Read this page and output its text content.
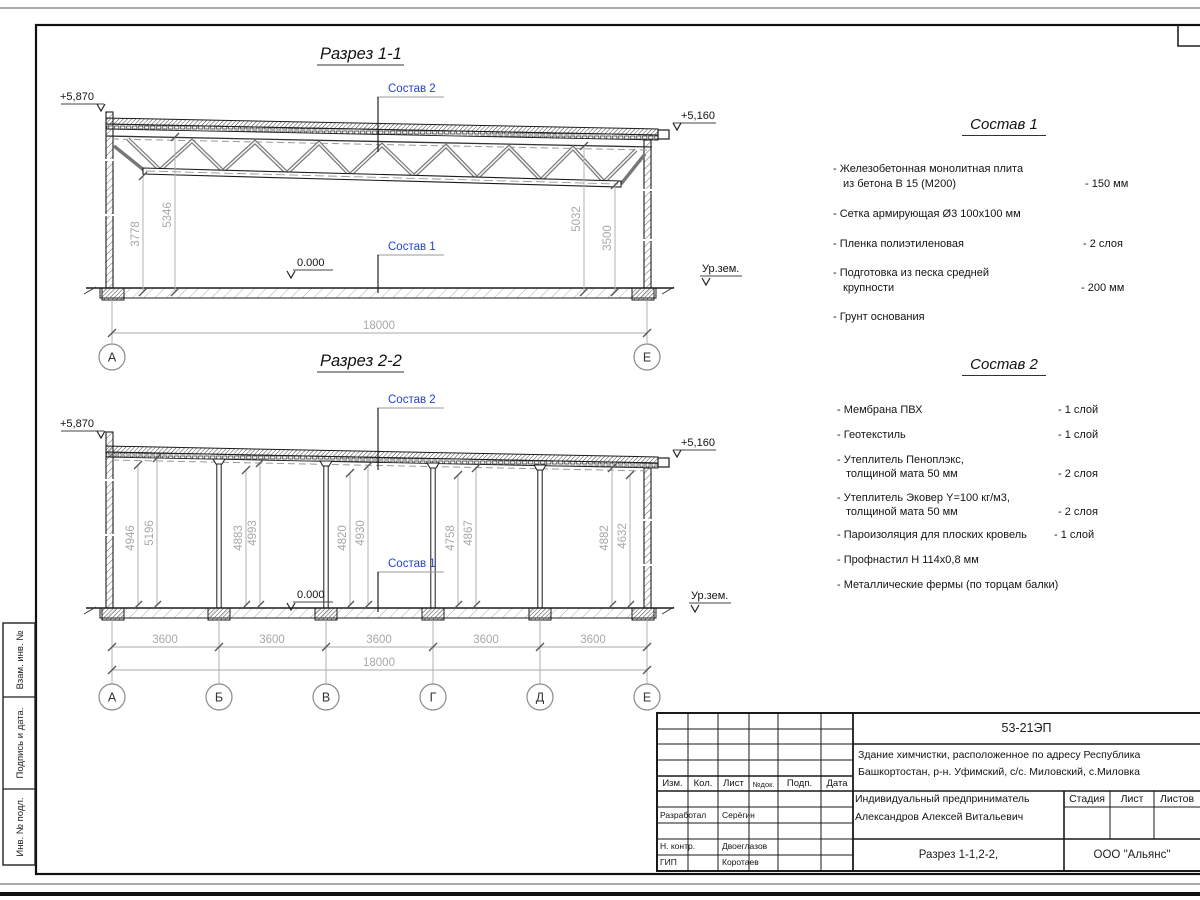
Взам. инв. №
Подпись и дата.
Инв. № подл.
Разрез 1-1
3778
5346	5032
3500
+5,870
+5,160
0.000	Ур.зем.
Состав 2
Состав 1
18000
А	Е
Разрез 2-2
4946 5196	4883 4993	4820 4930	4758 4867	4882 4632
+5,870
+5,160
0.000	Ур.зем.
Состав 2
Состав 1
3600	3600	3600	3600	3600
18000
А	Б	В	Г	Д	Е
Состав 1
- Железобетонная монолитная плита
из бетона В 15 (М200)	- 150 мм
- Сетка армирующая Ø3 100х100 мм
- Пленка полиэтиленовая	- 2 слоя
- Подготовка из песка средней
крупности	- 200 мм
- Грунт основания
Состав 2
- Мембрана ПВХ	- 1 слой
- Геотекстиль	- 1 слой
- Утеплитель Пеноплэкс,
толщиной мата 50 мм	- 2 слоя
- Утеплитель Эковер Y=100 кг/м3,
толщиной мата 50 мм	- 2 слоя
- Пароизоляция для плоских кровель - 1 слой
- Профнастил Н 114х0,8 мм
- Металлические фермы (по торцам балки)
53-21ЭП
Здание химчистки, расположенное по адресу Республика
Башкортостан, р-н. Уфимский, с/с. Миловский, с.Миловка
Изм.	Кол.	Лист	№док.	Подп.	Дата
Разработал Серёгин
Н. контр.	Двоеглазов
ГИП	Коротаев
Индивидуальный предприниматель
Александров Алексей Витальевич
Стадия	Лист	Листов
Разрез 1-1,2-2,	ООО "Альянс"
